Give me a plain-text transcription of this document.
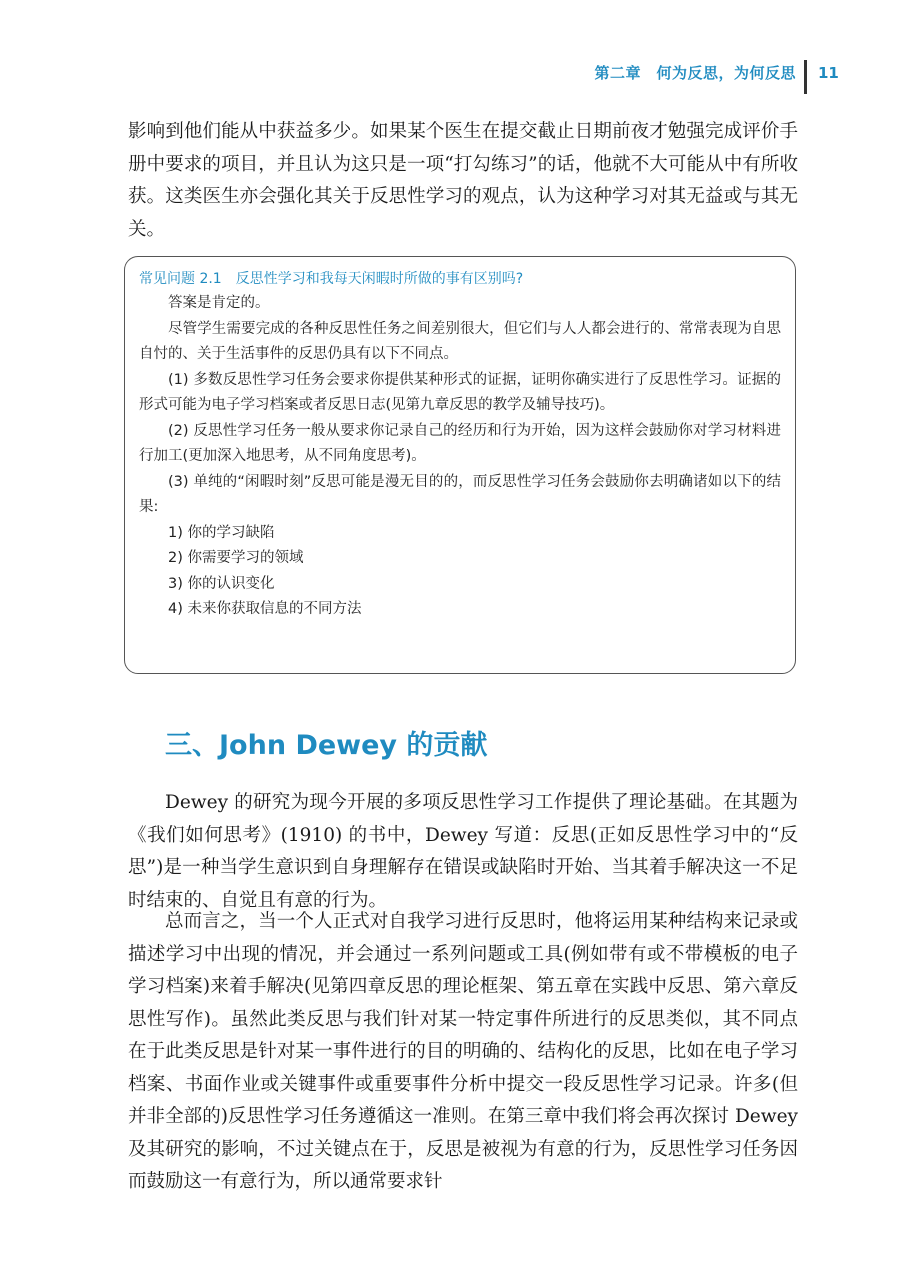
第二章　何为反思，为何反思 11

影响到他们能从中获益多少。如果某个医生在提交截止日期前夜才勉强完成评价手册中要求的项目，并且认为这只是一项“打勾练习”的话，他就不大可能从中有所收获。这类医生亦会强化其关于反思性学习的观点，认为这种学习对其无益或与其无关。

常见问题 2.1　反思性学习和我每天闲暇时所做的事有区别吗?

答案是肯定的。

尽管学生需要完成的各种反思性任务之间差别很大，但它们与人人都会进行的、常常表现为自思自忖的、关于生活事件的反思仍具有以下不同点。

(1) 多数反思性学习任务会要求你提供某种形式的证据，证明你确实进行了反思性学习。证据的形式可能为电子学习档案或者反思日志(见第九章反思的教学及辅导技巧)。

(2) 反思性学习任务一般从要求你记录自己的经历和行为开始，因为这样会鼓励你对学习材料进行加工(更加深入地思考，从不同角度思考)。

(3) 单纯的“闲暇时刻”反思可能是漫无目的的，而反思性学习任务会鼓励你去明确诸如以下的结果:

1) 你的学习缺陷

2) 你需要学习的领域

3) 你的认识变化

4) 未来你获取信息的不同方法

三、John Dewey 的贡献

Dewey 的研究为现今开展的多项反思性学习工作提供了理论基础。在其题为《我们如何思考》(1910) 的书中，Dewey 写道：反思(正如反思性学习中的“反思”)是一种当学生意识到自身理解存在错误或缺陷时开始、当其着手解决这一不足时结束的、自觉且有意的行为。

总而言之，当一个人正式对自我学习进行反思时，他将运用某种结构来记录或描述学习中出现的情况，并会通过一系列问题或工具(例如带有或不带模板的电子学习档案)来着手解决(见第四章反思的理论框架、第五章在实践中反思、第六章反思性写作)。虽然此类反思与我们针对某一特定事件所进行的反思类似，其不同点在于此类反思是针对某一事件进行的目的明确的、结构化的反思，比如在电子学习档案、书面作业或关键事件或重要事件分析中提交一段反思性学习记录。许多(但并非全部的)反思性学习任务遵循这一准则。在第三章中我们将会再次探讨 Dewey 及其研究的影响，不过关键点在于，反思是被视为有意的行为，反思性学习任务因而鼓励这一有意行为，所以通常要求针
